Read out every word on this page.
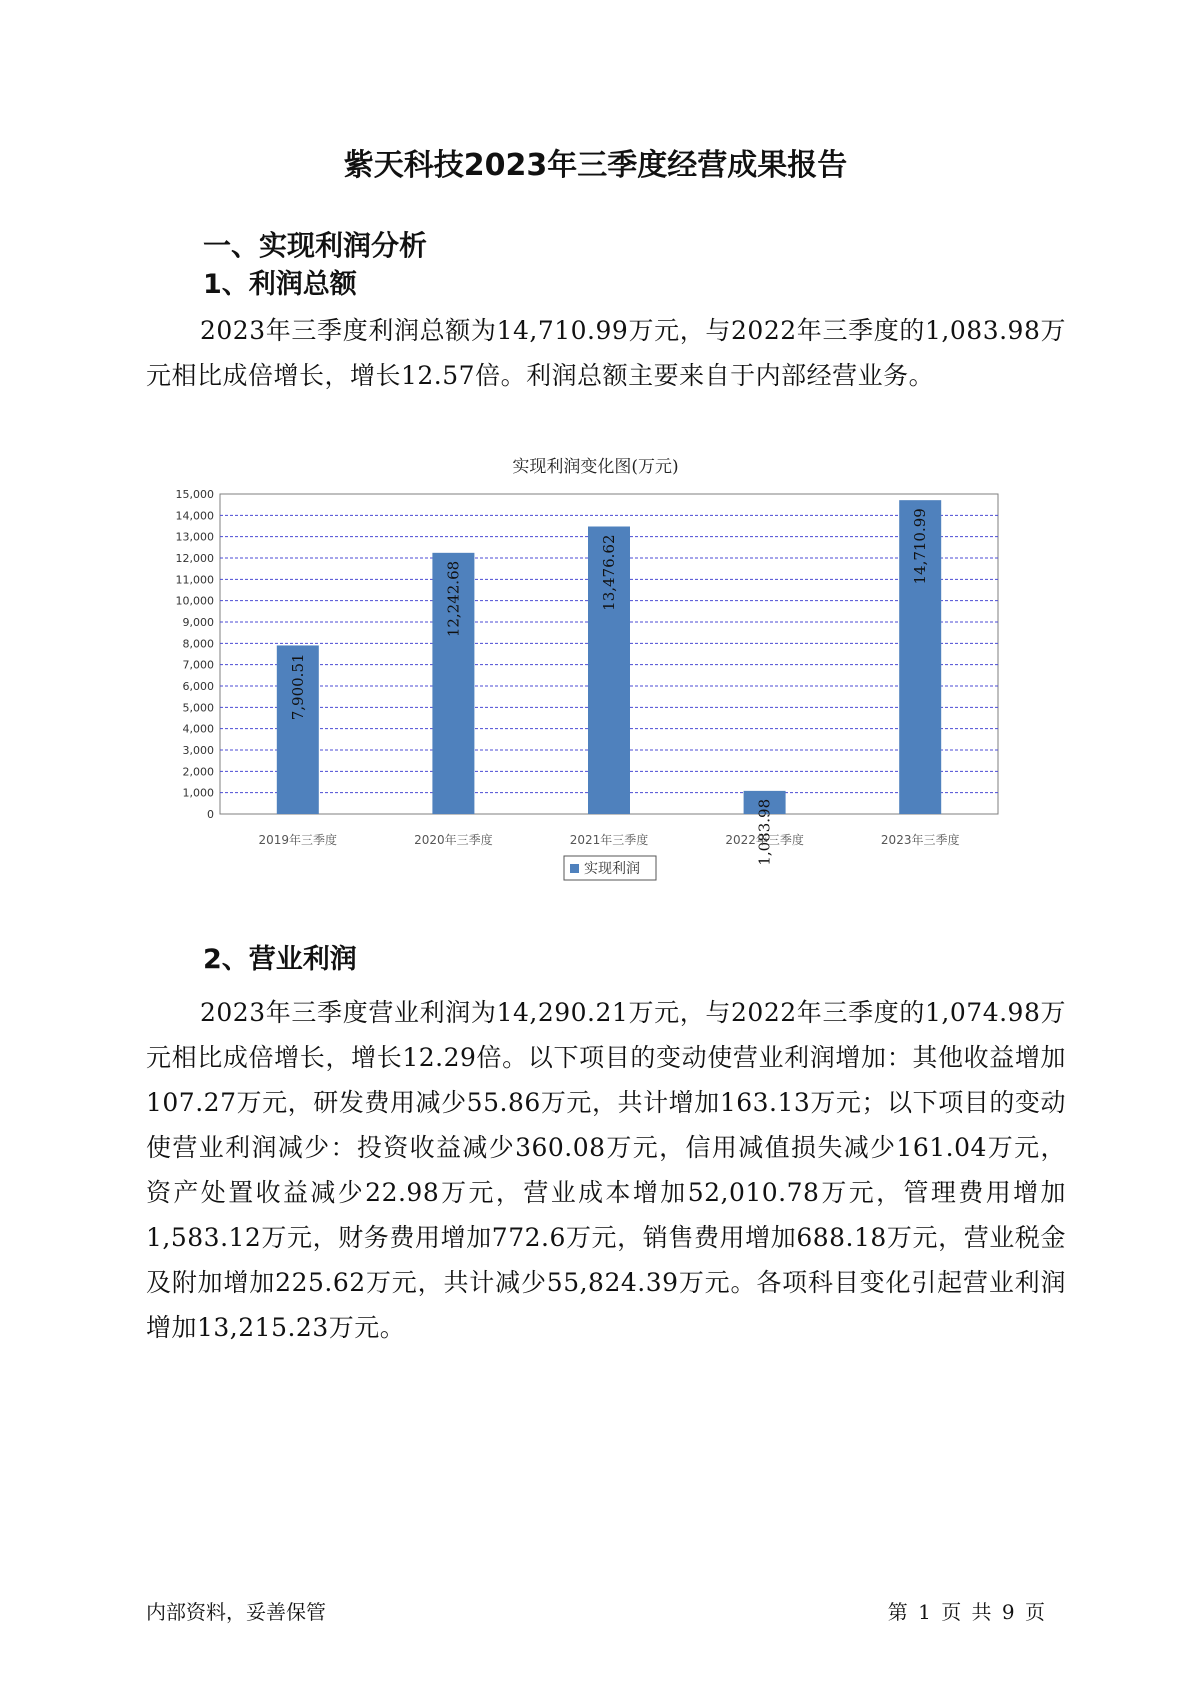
紫天科技2023年三季度经营成果报告
一、实现利润分析
1、利润总额

2023年三季度利润总额为14,710.99万元，与2022年三季度的1,083.98万元相比成倍增长，增长12.57倍。利润总额主要来自于内部经营业务。

实现利润变化图(万元)
0
1,000
2,000
3,000
4,000
5,000
6,000
7,000
8,000
9,000
10,000
11,000
12,000
13,000
14,000
15,000
7,900.51
2019年三季度
12,242.68
2020年三季度
13,476.62
2021年三季度	1,083.98
2022年三季度
14,710.99
2023年三季度
实现利润
2、营业利润

2023年三季度营业利润为14,290.21万元，与2022年三季度的1,074.98万元相比成倍增长，增长12.29倍。以下项目的变动使营业利润增加：其他收益增加107.27万元，研发费用减少55.86万元，共计增加163.13万元；以下项目的变动使营业利润减少：投资收益减少360.08万元，信用减值损失减少161.04万元，资产处置收益减少22.98万元，营业成本增加52,010.78万元，管理费用增加1,583.12万元，财务费用增加772.6万元，销售费用增加688.18万元，营业税金及附加增加225.62万元，共计减少55,824.39万元。各项科目变化引起营业利润增加13,215.23万元。

内部资料，妥善保管	第 1 页 共 9 页
